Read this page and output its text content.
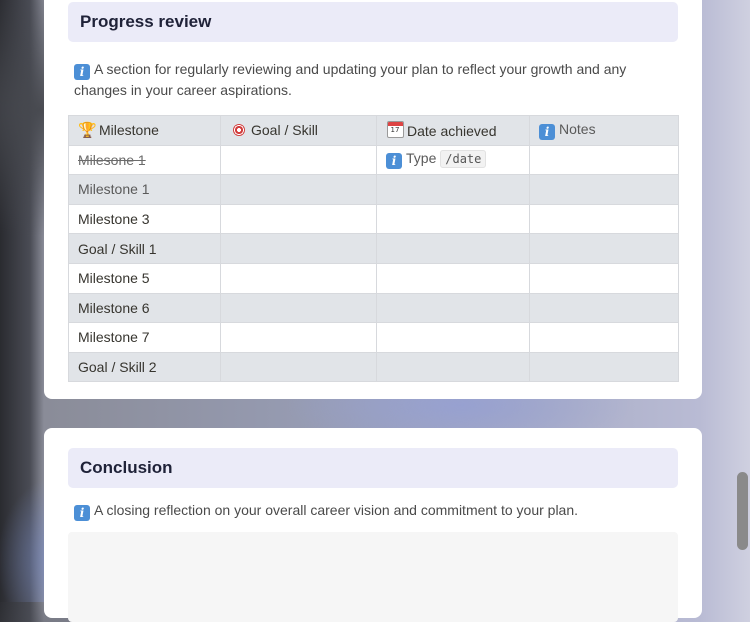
Progress review
i A section for regularly reviewing and updating your plan to reflect your growth and any changes in your career aspirations.
🏆 Milestone	Goal / Skill	17 Date achieved	i Notes
Milesone 1		i Type /date	
Milestone 1			
Milestone 3			
Goal / Skill 1			
Milestone 5			
Milestone 6			
Milestone 7			
Goal / Skill 2			
Conclusion
i A closing reflection on your overall career vision and commitment to your plan.
